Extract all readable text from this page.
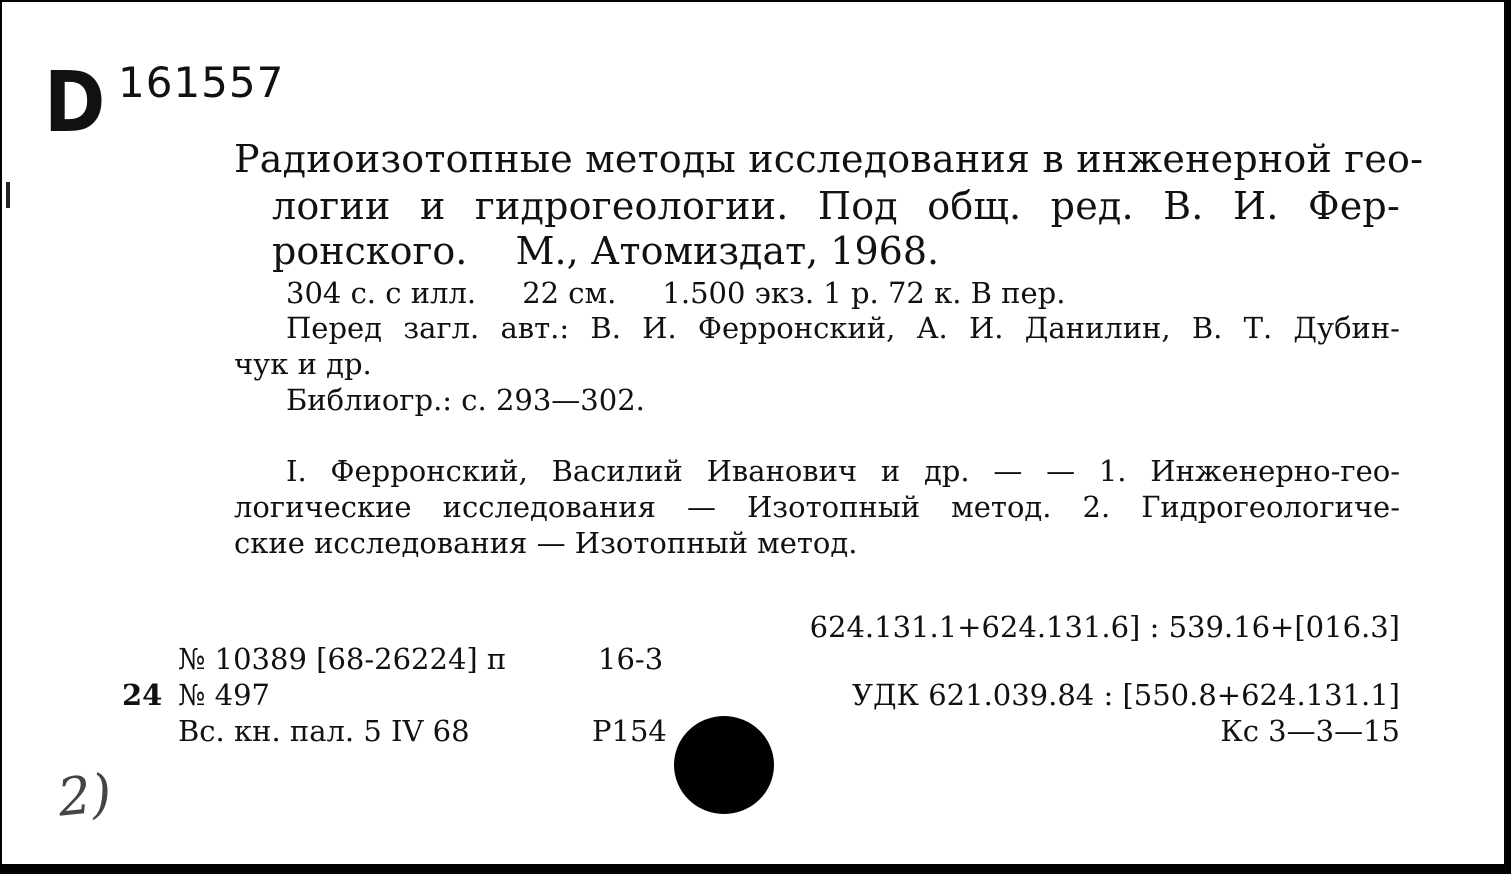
D 161557
Радиоизотопные методы исследования в инженерной гео-
логии и гидрогеологии. Под общ. ред. В. И. Фер-
ронского.    М., Атомиздат, 1968.
304 с. с илл.     22 см.     1.500 экз. 1 р. 72 к. В пер.
Перед загл. авт.: В. И. Ферронский, А. И. Данилин, В. Т. Дубин-
чук и др.
Библиогр.: с. 293—302.
I. Ферронский, Василий Иванович и др. — — 1. Инженерно-гео-
логические исследования — Изотопный метод. 2. Гидрогеологиче-
ские исследования — Изотопный метод.
624.131.1+624.131.6] : 539.16+[016.3]
№ 10389 [68-26224] п	16-3
24 № 497	УДК 621.039.84 : [550.8+624.131.1]
Вс. кн. пал. 5 IV 68	Р154	Кс 3—3—15
2)
